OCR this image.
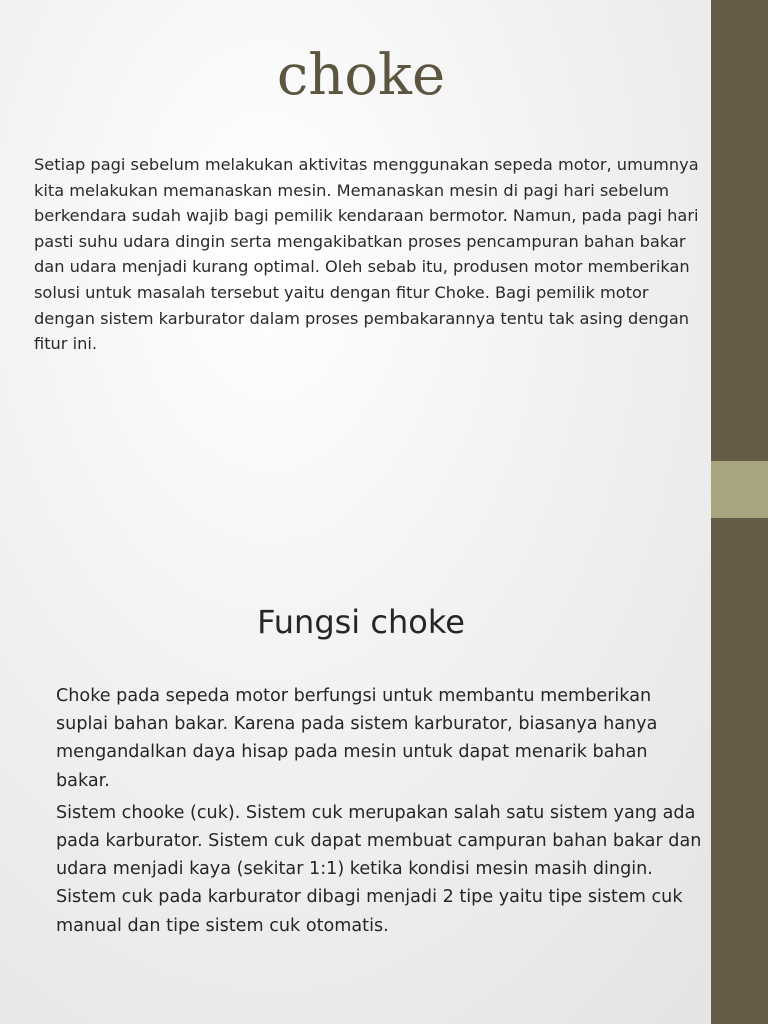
choke

Setiap pagi sebelum melakukan aktivitas menggunakan sepeda motor, umumnya kita melakukan memanaskan mesin. Memanaskan mesin di pagi hari sebelum berkendara sudah wajib bagi pemilik kendaraan bermotor. Namun, pada pagi hari pasti suhu udara dingin serta mengakibatkan proses pencampuran bahan bakar dan udara menjadi kurang optimal. Oleh sebab itu, produsen motor memberikan solusi untuk masalah tersebut yaitu dengan fitur Choke. Bagi pemilik motor dengan sistem karburator dalam proses pembakarannya tentu tak asing dengan fitur ini.

Fungsi choke

Choke pada sepeda motor berfungsi untuk membantu memberikan suplai bahan bakar. Karena pada sistem karburator, biasanya hanya mengandalkan daya hisap pada mesin untuk dapat menarik bahan bakar.

Sistem chooke (cuk). Sistem cuk merupakan salah satu sistem yang ada pada karburator. Sistem cuk dapat membuat campuran bahan bakar dan udara menjadi kaya (sekitar 1:1) ketika kondisi mesin masih dingin. Sistem cuk pada karburator dibagi menjadi 2 tipe yaitu tipe sistem cuk manual dan tipe sistem cuk otomatis.
